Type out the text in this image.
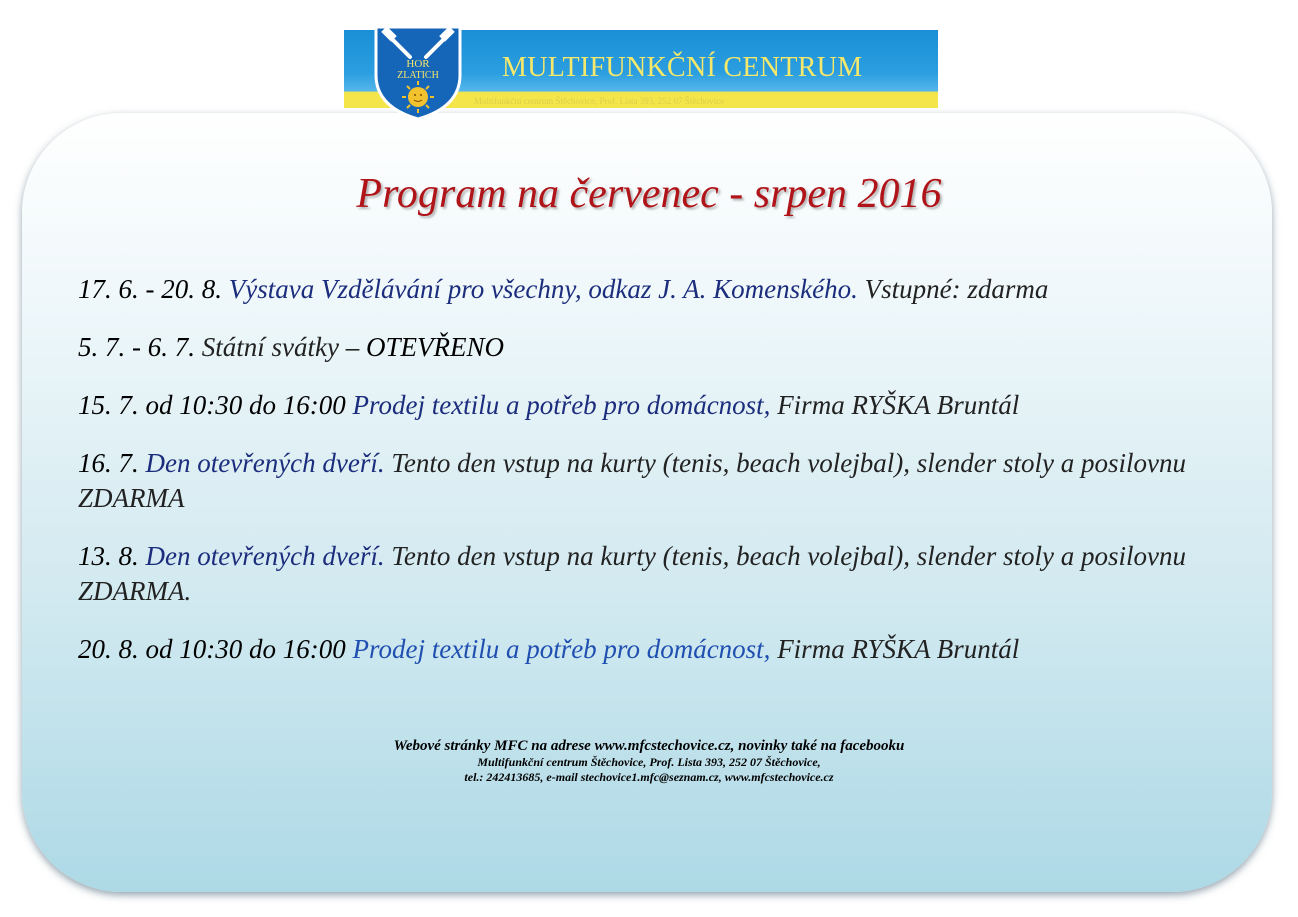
MULTIFUNKČNÍ CENTRUM
Multifunkční centrum Štěchovice, Prof. Lista 393, 252 07 Štěchovice
HOR
ZLATICH
Program na červenec - srpen 2016

17. 6. - 20. 8. Výstava Vzdělávání pro všechny, odkaz J. A. Komenského. Vstupné: zdarma

5. 7. - 6. 7. Státní svátky – OTEVŘENO

15. 7. od 10:30 do 16:00 Prodej textilu a potřeb pro domácnost, Firma RYŠKA Bruntál

16. 7. Den otevřených dveří. Tento den vstup na kurty (tenis, beach volejbal), slender stoly a posilovnu ZDARMA

13. 8. Den otevřených dveří. Tento den vstup na kurty (tenis, beach volejbal), slender stoly a posilovnu ZDARMA.

20. 8. od 10:30 do 16:00 Prodej textilu a potřeb pro domácnost, Firma RYŠKA Bruntál

Webové stránky MFC na adrese www.mfcstechovice.cz, novinky také na facebooku
Multifunkční centrum Štěchovice, Prof. Lista 393, 252 07 Štěchovice,
tel.: 242413685, e-mail stechovice1.mfc@seznam.cz, www.mfcstechovice.cz
